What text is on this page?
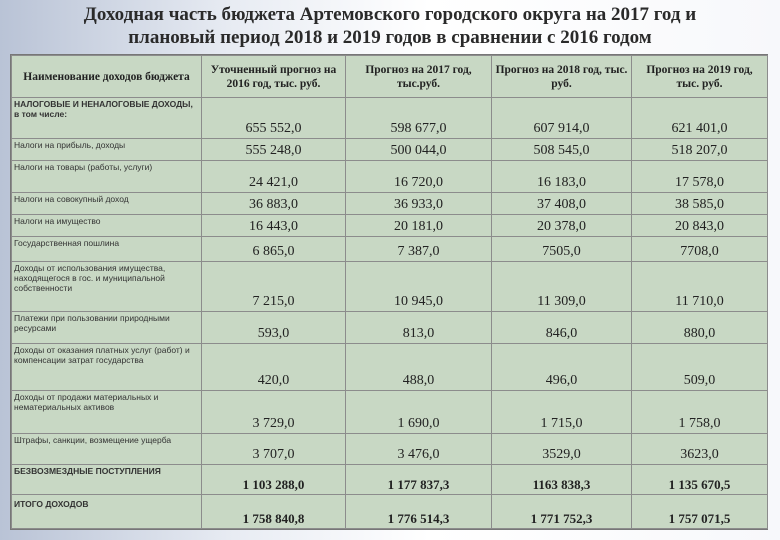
Доходная часть бюджета Артемовского городского округа на 2017 год и
плановый период 2018 и 2019 годов в сравнении с 2016 годом
Наименование доходов бюджета	Уточненный прогноз на 2016 год, тыс. руб.	Прогноз на 2017 год, тыс.руб.	Прогноз на 2018 год, тыс. руб.	Прогноз на 2019 год, тыс. руб.
НАЛОГОВЫЕ И НЕНАЛОГОВЫЕ ДОХОДЫ, в том числе:	655 552,0	598 677,0	607 914,0	621 401,0
Налоги на прибыль, доходы	555 248,0	500 044,0	508 545,0	518 207,0
Налоги на товары (работы, услуги)	24 421,0	16 720,0	16 183,0	17 578,0
Налоги на совокупный доход	36 883,0	36 933,0	37 408,0	38 585,0
Налоги на имущество	16 443,0	20 181,0	20 378,0	20 843,0
Государственная пошлина	6 865,0	7 387,0	7505,0	7708,0
Доходы от использования имущества, находящегося в гос. и муниципальной собственности	7 215,0	10 945,0	11 309,0	11 710,0
Платежи при пользовании природными ресурсами	593,0	813,0	846,0	880,0
Доходы от оказания платных услуг (работ) и компенсации затрат государства	420,0	488,0	496,0	509,0
Доходы от продажи материальных и нематериальных активов	3 729,0	1 690,0	1 715,0	1 758,0
Штрафы, санкции, возмещение ущерба	3 707,0	3 476,0	3529,0	3623,0
БЕЗВОЗМЕЗДНЫЕ ПОСТУПЛЕНИЯ	1 103 288,0	1 177 837,3	1163 838,3	1 135 670,5
ИТОГО ДОХОДОВ	1 758 840,8	1 776 514,3	1 771 752,3	1 757 071,5
